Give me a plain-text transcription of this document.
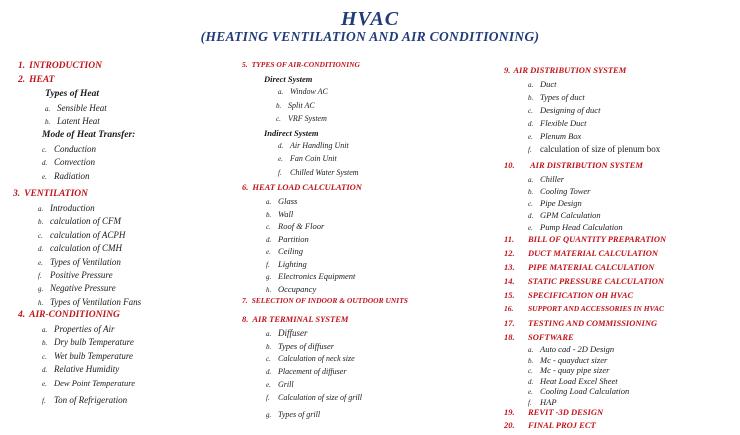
HVAC
(HEATING VENTILATION AND AIR CONDITIONING)
1. INTRODUCTION
2. HEAT
Types of Heat
a. Sensible Heat
b. Latent Heat
Mode of Heat Transfer:
c. Conduction
d. Convection
e. Radiation
3. VENTILATION
a. Introduction
b. calculation of CFM
c. calculation of ACPH
d. calculation of CMH
e. Types of Ventilation
f. Positive Pressure
g. Negative Pressure
h. Types of Ventilation Fans
4. AIR-CONDITIONING
a. Properties of Air
b. Dry bulb Temperature
c. Wet bulb Temperature
d. Relative Humidity
e. Dew Point Temperature
f. Ton of Refrigeration
5. TYPES OF AIR-CONDITIONING
Direct System
a. Window AC
b. Split AC
c. VRF System
Indirect System
d. Air Handling Unit
e. Fan Coin Unit
f. Chilled Water System
6. HEAT LOAD CALCULATION
a. Glass
b. Wall
c. Roof & Floor
d. Partition
e. Ceiling
f. Lighting
g. Electronics Equipment
h. Occupancy
7. SELECTION OF INDOOR & OUTDOOR UNITS
8. AIR TERMINAL SYSTEM
a. Diffuser
b. Types of diffuser
c. Calculation of neck size
d. Placement of diffuser
e. Grill
f. Calculation of size of grill
g. Types of grill
9. AIR DISTRIBUTION SYSTEM
a. Duct
b. Types of duct
c. Designing of duct
d. Flexible Duct
e. Plenum Box
f. calculation of size of plenum box
10. AIR DISTRIBUTION SYSTEM
a. Chiller
b. Cooling Tower
c. Pipe Design
d. GPM Calculation
e. Pump Head Calculation
11. BILL OF QUANTITY PREPARATION
12. DUCT MATERIAL CALCULATION
13. PIPE MATERIAL CALCULATION
14. STATIC PRESSURE CALCULATION
15. SPECIFICATION OH HVAC
16. SUPPORT AND ACCESSORIES IN HVAC
17. TESTING AND COMMISSIONING
18. SOFTWARE
a. Auto cad - 2D Design
b. Mc - quayduct sizer
c. Mc - quay pipe sizer
d. Heat Load Excel Sheet
e. Cooling Load Calculation
f. HAP
19. REVIT -3D DESIGN
20. FINAL PROJ ECT
